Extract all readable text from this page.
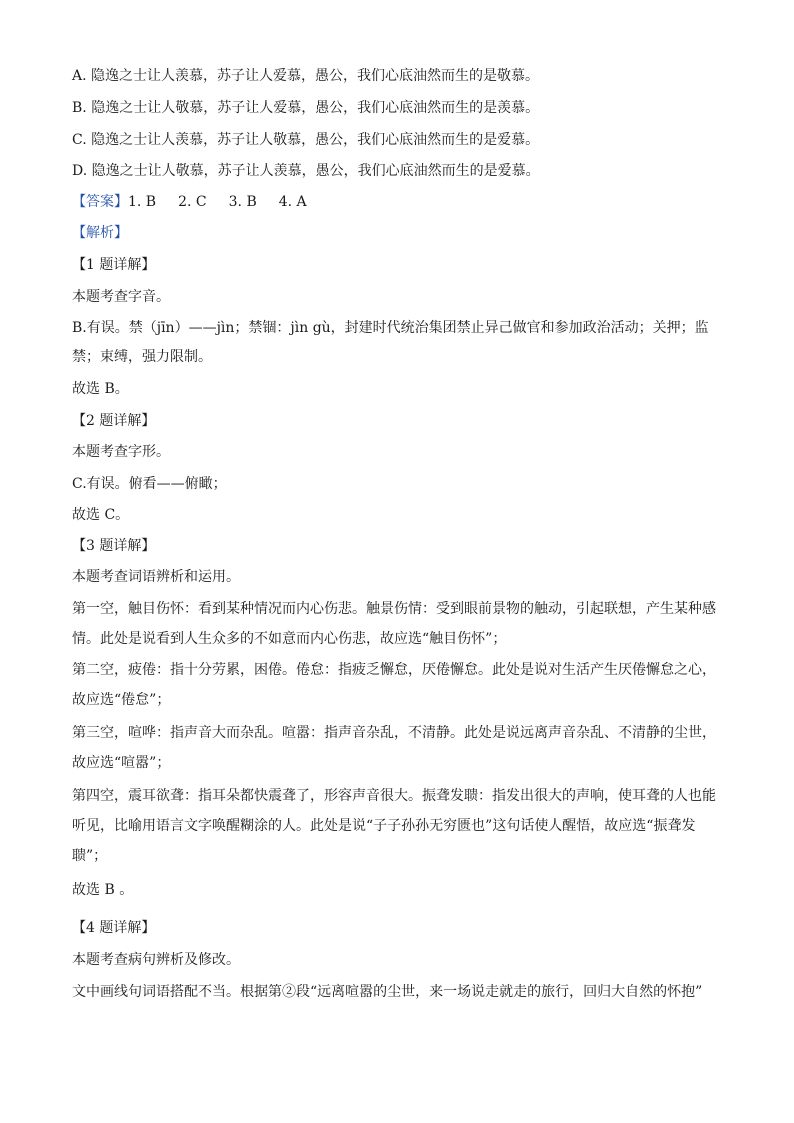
A. 隐逸之士让人羡慕，苏子让人爱慕，愚公，我们心底油然而生的是敬慕。
B. 隐逸之士让人敬慕，苏子让人爱慕，愚公，我们心底油然而生的是羡慕。
C. 隐逸之士让人羡慕，苏子让人敬慕，愚公，我们心底油然而生的是爱慕。
D. 隐逸之士让人敬慕，苏子让人羡慕，愚公，我们心底油然而生的是爱慕。
【答案】1. B 2. C 3. B 4. A
【解析】
【1 题详解】
本题考查字音。
B.有误。禁（jīn）——jìn；禁锢：jìn gù，封建时代统治集团禁止异己做官和参加政治活动；关押；监
禁；束缚，强力限制。
故选 B。
【2 题详解】
本题考查字形。
C.有误。俯看——俯瞰；
故选 C。
【3 题详解】
本题考查词语辨析和运用。
第一空，触目伤怀：看到某种情况而内心伤悲。触景伤情：受到眼前景物的触动，引起联想，产生某种感
情。此处是说看到人生众多的不如意而内心伤悲，故应选“触目伤怀”；
第二空，疲倦：指十分劳累，困倦。倦怠：指疲乏懈怠，厌倦懈怠。此处是说对生活产生厌倦懈怠之心，
故应选“倦怠”；
第三空，喧哗：指声音大而杂乱。喧嚣：指声音杂乱，不清静。此处是说远离声音杂乱、不清静的尘世，
故应选“喧嚣”；
第四空，震耳欲聋：指耳朵都快震聋了，形容声音很大。振聋发聩：指发出很大的声响，使耳聋的人也能
听见，比喻用语言文字唤醒糊涂的人。此处是说“子子孙孙无穷匮也”这句话使人醒悟，故应选“振聋发
聩”；
故选 B 。
【4 题详解】
本题考查病句辨析及修改。
文中画线句词语搭配不当。根据第②段“远离喧嚣的尘世，来一场说走就走的旅行，回归大自然的怀抱”
